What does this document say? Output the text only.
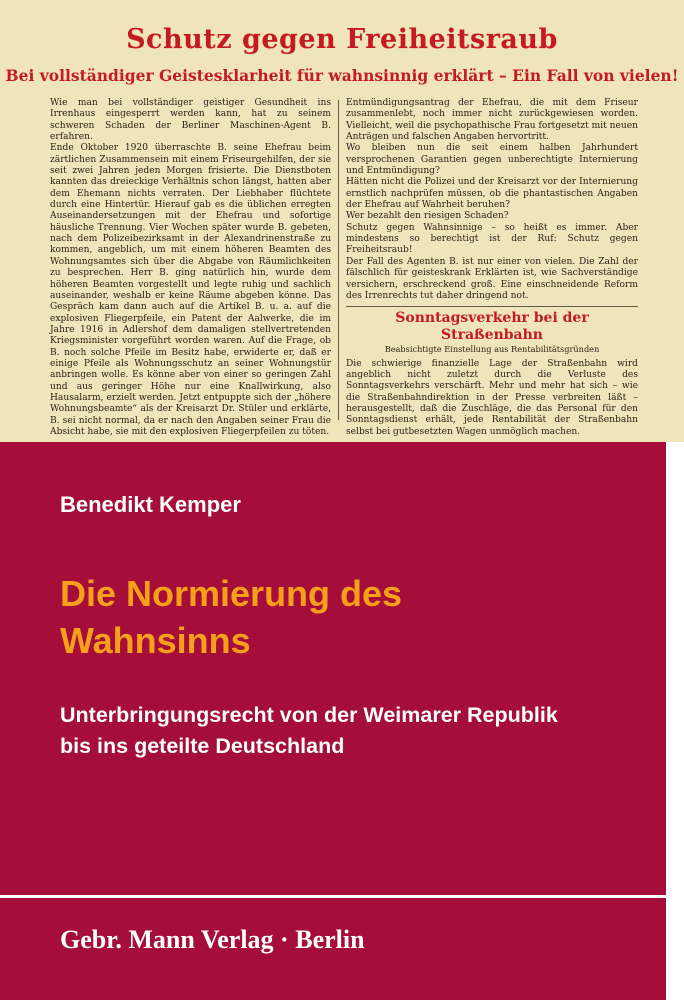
Schutz gegen Freiheitsraub
Bei vollständiger Geistesklarheit für wahnsinnig erklärt – Ein Fall von vielen!

Wie man bei vollständiger geistiger Gesundheit ins Irrenhaus eingesperrt werden kann, hat zu seinem schweren Schaden der Berliner Maschinen-Agent B. erfahren.

Ende Oktober 1920 überraschte B. seine Ehefrau beim zärtlichen Zusammensein mit einem Friseurgehilfen, der sie seit zwei Jahren jeden Morgen frisierte. Die Dienstboten kannten das dreieckige Verhältnis schon längst, hatten aber dem Ehemann nichts verraten. Der Liebhaber flüchtete durch eine Hintertür. Hierauf gab es die üblichen erregten Auseinandersetzungen mit der Ehefrau und sofortige häusliche Trennung. Vier Wochen später wurde B. gebeten, nach dem Polizeibezirksamt in der Alexandrinenstraße zu kommen, angeblich, um mit einem höheren Beamten des Wohnungsamtes sich über die Abgabe von Räumlichkeiten zu besprechen. Herr B. ging natürlich hin, wurde dem höheren Beamten vorgestellt und legte ruhig und sachlich auseinander, weshalb er keine Räume abgeben könne. Das Gespräch kam dann auch auf die Artikel B. u. a. auf die explosiven Fliegerpfeile, ein Patent der Aalwerke, die im Jahre 1916 in Adlershof dem damaligen stellvertretenden Kriegsminister vorgeführt worden waren. Auf die Frage, ob B. noch solche Pfeile im Besitz habe, erwiderte er, daß er einige Pfeile als Wohnungsschutz an seiner Wohnungstür anbringen wolle. Es könne aber von einer so geringen Zahl und aus geringer Höhe nur eine Knallwirkung, also Hausalarm, erzielt werden. Jetzt entpuppte sich der „höhere Wohnungsbeamte“ als der Kreisarzt Dr. Stüler und erklärte, B. sei nicht normal, da er nach den Angaben seiner Frau die Absicht habe, sie mit den explosiven Fliegerpfeilen zu töten.

Entmündigungsantrag der Ehefrau, die mit dem Friseur zusammenlebt, noch immer nicht zurückgewiesen worden. Vielleicht, weil die psychopathische Frau fortgesetzt mit neuen Anträgen und falschen Angaben hervortritt.

Wo bleiben nun die seit einem halben Jahrhundert versprochenen Garantien gegen unberechtigte Internierung und Entmündigung?

Hätten nicht die Polizei und der Kreisarzt vor der Internierung ernstlich nachprüfen müssen, ob die phantastischen Angaben der Ehefrau auf Wahrheit beruhen?

Wer bezahlt den riesigen Schaden?

Schutz gegen Wahnsinnige – so heißt es immer. Aber mindestens so berechtigt ist der Ruf: Schutz gegen Freiheitsraub!

Der Fall des Agenten B. ist nur einer von vielen. Die Zahl der fälschlich für geisteskrank Erklärten ist, wie Sachverständige versichern, erschreckend groß. Eine einschneidende Reform des Irrenrechts tut daher dringend not.

Sonntagsverkehr bei der Straßenbahn
Beabsichtigte Einstellung aus Rentabilitätsgründen

Die schwierige finanzielle Lage der Straßenbahn wird angeblich nicht zuletzt durch die Verluste des Sonntagsverkehrs verschärft. Mehr und mehr hat sich – wie die Straßenbahndirektion in der Presse verbreiten läßt – herausgestellt, daß die Zuschläge, die das Personal für den Sonntagsdienst erhält, jede Rentabilität der Straßenbahn selbst bei gutbesetzten Wagen unmöglich machen.

Benedikt Kemper
Die Normierung des
Wahnsinns
Unterbringungsrecht von der Weimarer Republik
bis ins geteilte Deutschland
Gebr. Mann Verlag · Berlin
